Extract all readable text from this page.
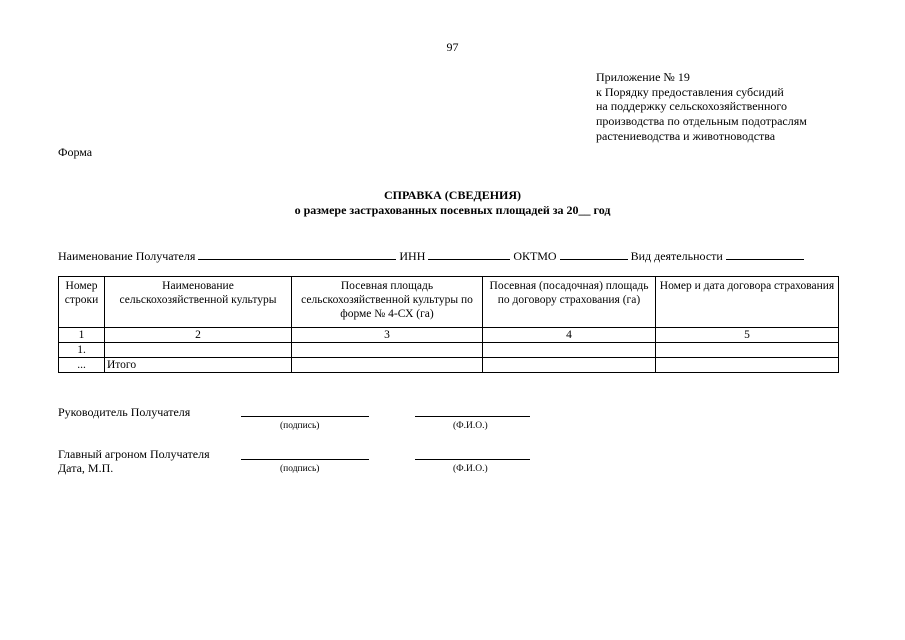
97
Приложение № 19
к Порядку предоставления субсидий
на поддержку сельскохозяйственного
производства по отдельным подотраслям
растениеводства и животноводства
Форма
СПРАВКА (СВЕДЕНИЯ)
о размере застрахованных посевных площадей за 20__ год
Наименование Получателя	ИНН	ОКТМО	Вид деятельности
Номер строки	Наименование сельскохозяйственной культуры	Посевная площадь сельскохозяйственной культуры по форме № 4-СХ (га)	Посевная (посадочная) площадь по договору страхования (га)	Номер и дата договора страхования
1	2	3	4	5
1.				
...	Итого			
Руководитель Получателя
(подпись)	(Ф.И.О.)
Главный агроном Получателя
Дата, М.П.	(подпись)	(Ф.И.О.)
